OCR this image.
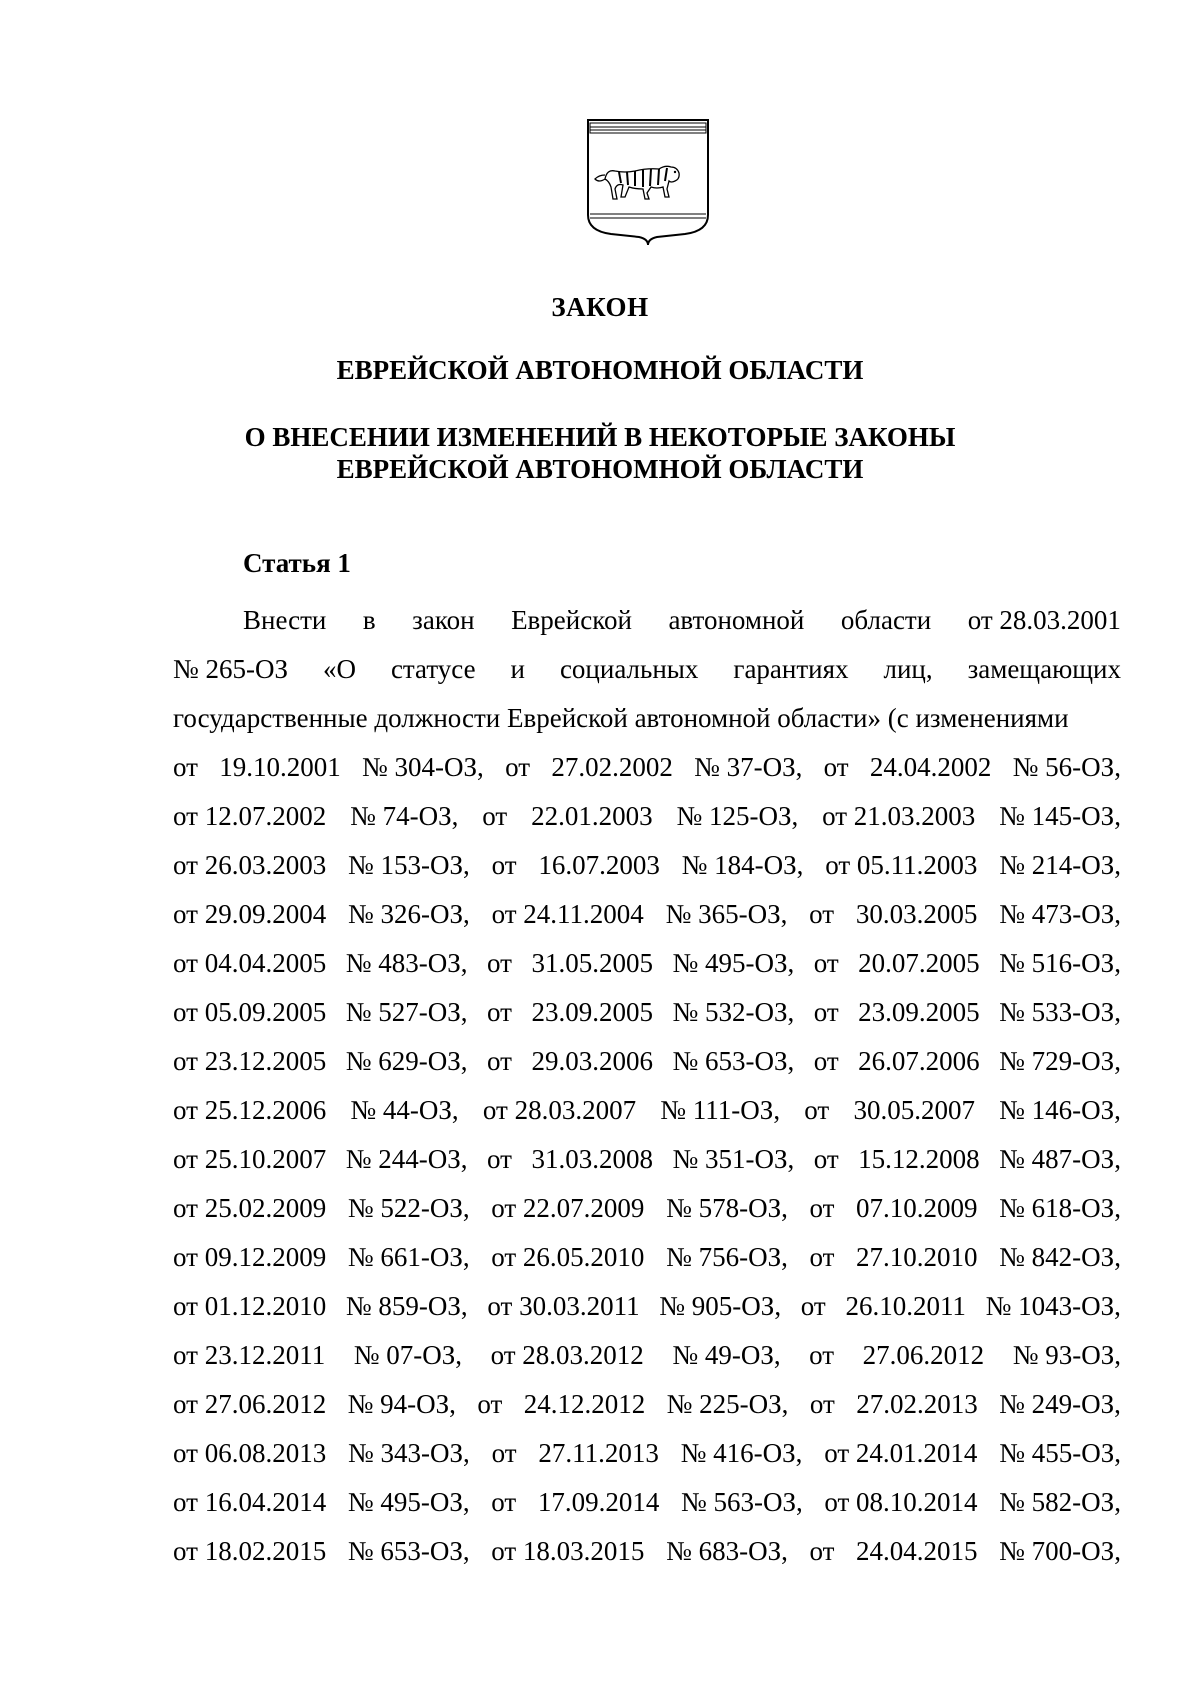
ЗАКОН
ЕВРЕЙСКОЙ АВТОНОМНОЙ ОБЛАСТИ
О ВНЕСЕНИИ ИЗМЕНЕНИЙ В НЕКОТОРЫЕ ЗАКОНЫ
ЕВРЕЙСКОЙ АВТОНОМНОЙ ОБЛАСТИ
Статья 1
Внести в закон Еврейской автономной области от 28.03.2001
№ 265-ОЗ «О статусе и социальных гарантиях лиц, замещающих
государственные должности Еврейской автономной области» (с изменениями
от 19.10.2001 № 304-ОЗ, от 27.02.2002 № 37-ОЗ, от 24.04.2002 № 56-ОЗ,
от 12.07.2002 № 74-ОЗ, от 22.01.2003 № 125-ОЗ, от 21.03.2003 № 145-ОЗ,
от 26.03.2003 № 153-ОЗ, от 16.07.2003 № 184-ОЗ, от 05.11.2003 № 214-ОЗ,
от 29.09.2004 № 326-ОЗ, от 24.11.2004 № 365-ОЗ, от 30.03.2005 № 473-ОЗ,
от 04.04.2005 № 483-ОЗ, от 31.05.2005 № 495-ОЗ, от 20.07.2005 № 516-ОЗ,
от 05.09.2005 № 527-ОЗ, от 23.09.2005 № 532-ОЗ, от 23.09.2005 № 533-ОЗ,
от 23.12.2005 № 629-ОЗ, от 29.03.2006 № 653-ОЗ, от 26.07.2006 № 729-ОЗ,
от 25.12.2006 № 44-ОЗ, от 28.03.2007 № 111-ОЗ, от 30.05.2007 № 146-ОЗ,
от 25.10.2007 № 244-ОЗ, от 31.03.2008 № 351-ОЗ, от 15.12.2008 № 487-ОЗ,
от 25.02.2009 № 522-ОЗ, от 22.07.2009 № 578-ОЗ, от 07.10.2009 № 618-ОЗ,
от 09.12.2009 № 661-ОЗ, от 26.05.2010 № 756-ОЗ, от 27.10.2010 № 842-ОЗ,
от 01.12.2010 № 859-ОЗ, от 30.03.2011 № 905-ОЗ, от 26.10.2011 № 1043-ОЗ,
от 23.12.2011 № 07-ОЗ, от 28.03.2012 № 49-ОЗ, от 27.06.2012 № 93-ОЗ,
от 27.06.2012 № 94-ОЗ, от 24.12.2012 № 225-ОЗ, от 27.02.2013 № 249-ОЗ,
от 06.08.2013 № 343-ОЗ, от 27.11.2013 № 416-ОЗ, от 24.01.2014 № 455-ОЗ,
от 16.04.2014 № 495-ОЗ, от 17.09.2014 № 563-ОЗ, от 08.10.2014 № 582-ОЗ,
от 18.02.2015 № 653-ОЗ, от 18.03.2015 № 683-ОЗ, от 24.04.2015 № 700-ОЗ,
